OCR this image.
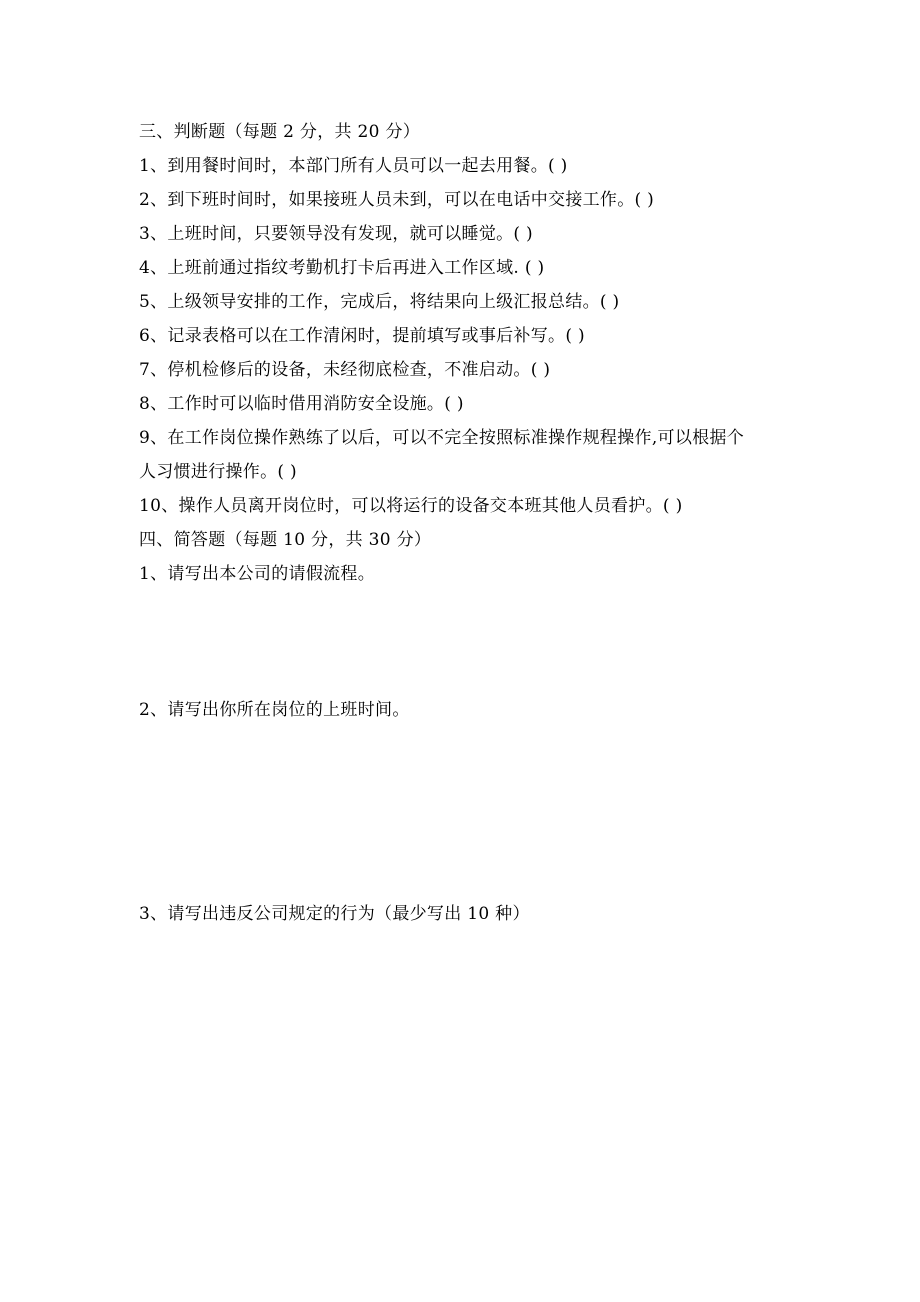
三、判断题（每题 2 分，共 20 分）
1、到用餐时间时，本部门所有人员可以一起去用餐。( )
2、到下班时间时，如果接班人员未到，可以在电话中交接工作。( )
3、上班时间，只要领导没有发现，就可以睡觉。( )
4、上班前通过指纹考勤机打卡后再进入工作区域. ( )
5、上级领导安排的工作，完成后，将结果向上级汇报总结。( )
6、记录表格可以在工作清闲时，提前填写或事后补写。( )
7、停机检修后的设备，未经彻底检查，不准启动。( )
8、工作时可以临时借用消防安全设施。( )
9、在工作岗位操作熟练了以后，可以不完全按照标准操作规程操作,可以根据个
人习惯进行操作。( )
10、操作人员离开岗位时，可以将运行的设备交本班其他人员看护。( )
四、简答题（每题 10 分，共 30 分）
1、请写出本公司的请假流程。
2、请写出你所在岗位的上班时间。
3、请写出违反公司规定的行为（最少写出 10 种）
